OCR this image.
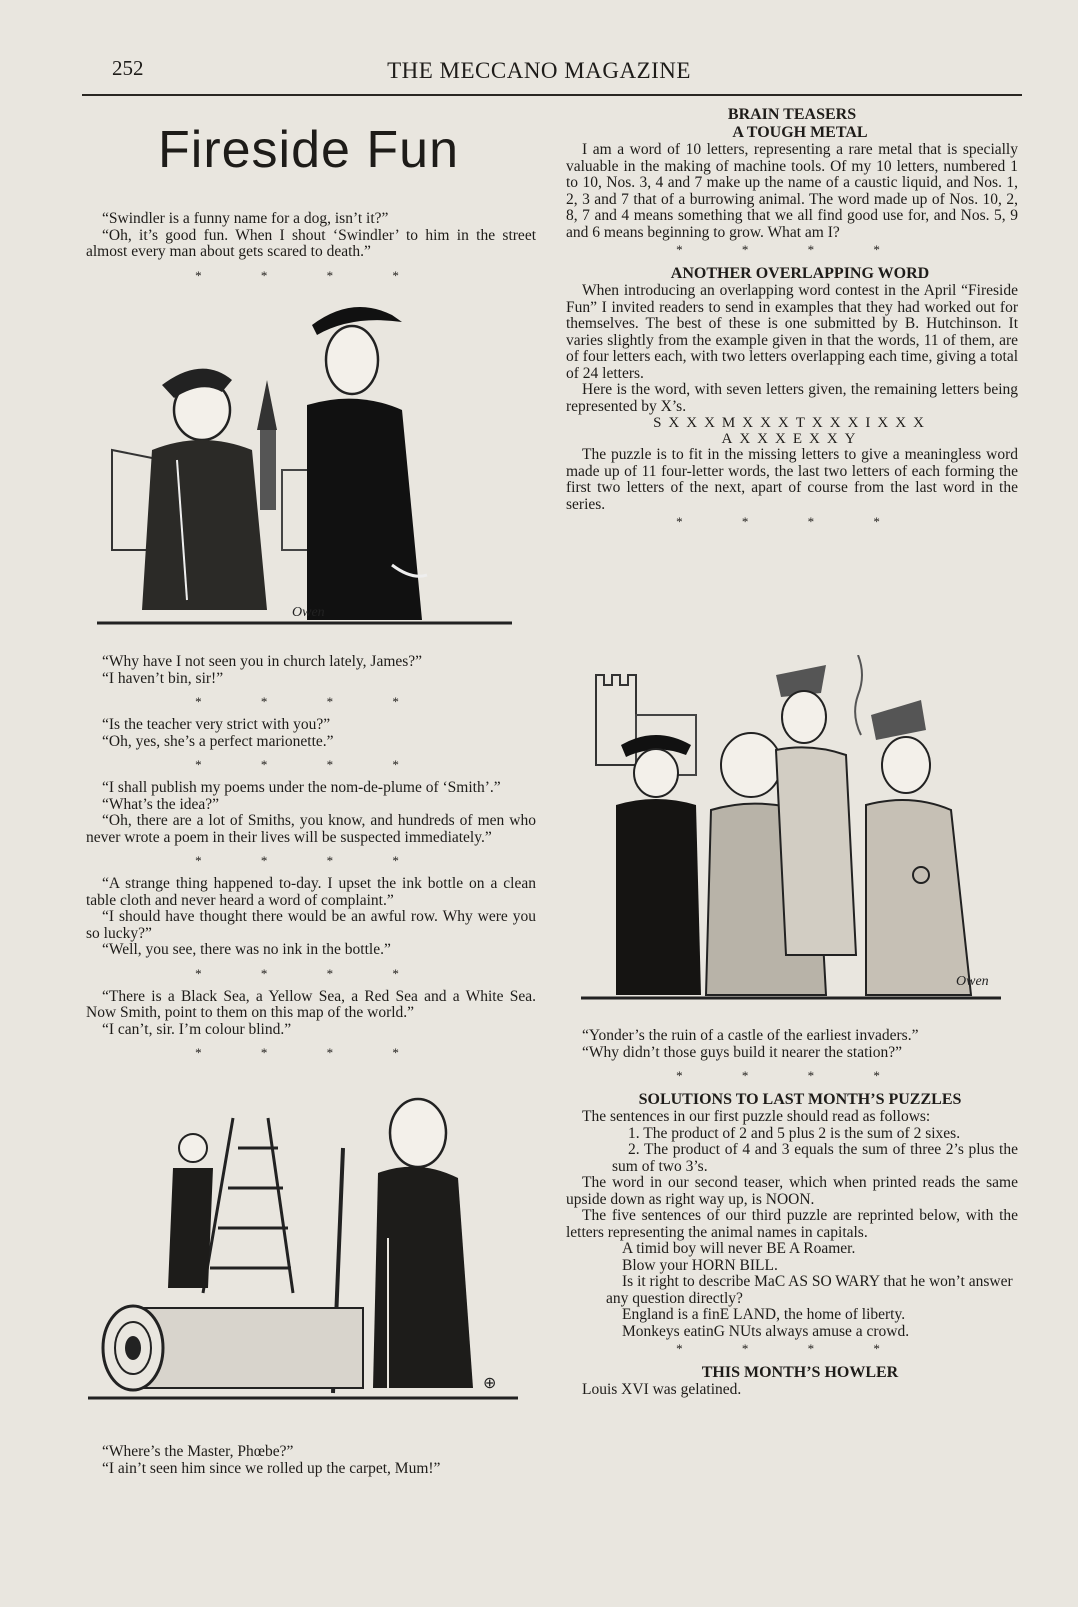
252	THE MECCANO MAGAZINE
Fireside Fun

“Swindler is a funny name for a dog, isn’t it?”

“Oh, it’s good fun. When I shout ‘Swindler’ to him in the street almost every man about gets scared to death.”

* * * *
Owen

“Why have I not seen you in church lately, James?”

“I haven’t bin, sir!”

* * * *

“Is the teacher very strict with you?”

“Oh, yes, she’s a perfect marionette.”

* * * *

“I shall publish my poems under the nom-de-plume of ‘Smith’.”

“What’s the idea?”

“Oh, there are a lot of Smiths, you know, and hundreds of men who never wrote a poem in their lives will be suspected immediately.”

* * * *

“A strange thing happened to-day. I upset the ink bottle on a clean table cloth and never heard a word of complaint.”

“I should have thought there would be an awful row. Why were you so lucky?”

“Well, you see, there was no ink in the bottle.”

* * * *

“There is a Black Sea, a Yellow Sea, a Red Sea and a White Sea. Now Smith, point to them on this map of the world.”

“I can’t, sir. I’m colour blind.”

* * * *
⊕

“Where’s the Master, Phœbe?”

“I ain’t seen him since we rolled up the carpet, Mum!”

BRAIN TEASERS

A TOUGH METAL

I am a word of 10 letters, representing a rare metal that is specially valuable in the making of machine tools. Of my 10 letters, numbered 1 to 10, Nos. 3, 4 and 7 make up the name of a caustic liquid, and Nos. 1, 2, 3 and 7 that of a burrowing animal. The word made up of Nos. 10, 2, 8, 7 and 4 means something that we all find good use for, and Nos. 5, 9 and 6 means beginning to grow. What am I?

* * * *

ANOTHER OVERLAPPING WORD

When introducing an overlapping word contest in the April “Fireside Fun” I invited readers to send in examples that they had worked out for themselves. The best of these is one submitted by B. Hutchinson. It varies slightly from the example given in that the words, 11 of them, are of four letters each, with two letters overlapping each time, giving a total of 24 letters.

Here is the word, with seven letters given, the remaining letters being represented by X’s.

SXXXMXXXTXXXIXXX

AXXXEXXY

The puzzle is to fit in the missing letters to give a meaningless word made up of 11 four-letter words, the last two letters of each forming the first two letters of the next, apart of course from the last word in the series.

* * * *
Owen

“Yonder’s the ruin of a castle of the earliest invaders.”

“Why didn’t those guys build it nearer the station?”

* * * *

SOLUTIONS TO LAST MONTH’S PUZZLES

The sentences in our first puzzle should read as follows:

1. The product of 2 and 5 plus 2 is the sum of 2 sixes.

2. The product of 4 and 3 equals the sum of three 2’s plus the sum of two 3’s.

The word in our second teaser, which when printed reads the same upside down as right way up, is NOON.

The five sentences of our third puzzle are reprinted below, with the letters representing the animal names in capitals.

A timid boy will never BE A Roamer.

Blow your HORN BILL.

Is it right to describe MaC AS SO WARY that he won’t answer any question directly?

England is a finE LAND, the home of liberty.

Monkeys eatinG NUts always amuse a crowd.

* * * *

THIS MONTH’S HOWLER

Louis XVI was gelatined.
